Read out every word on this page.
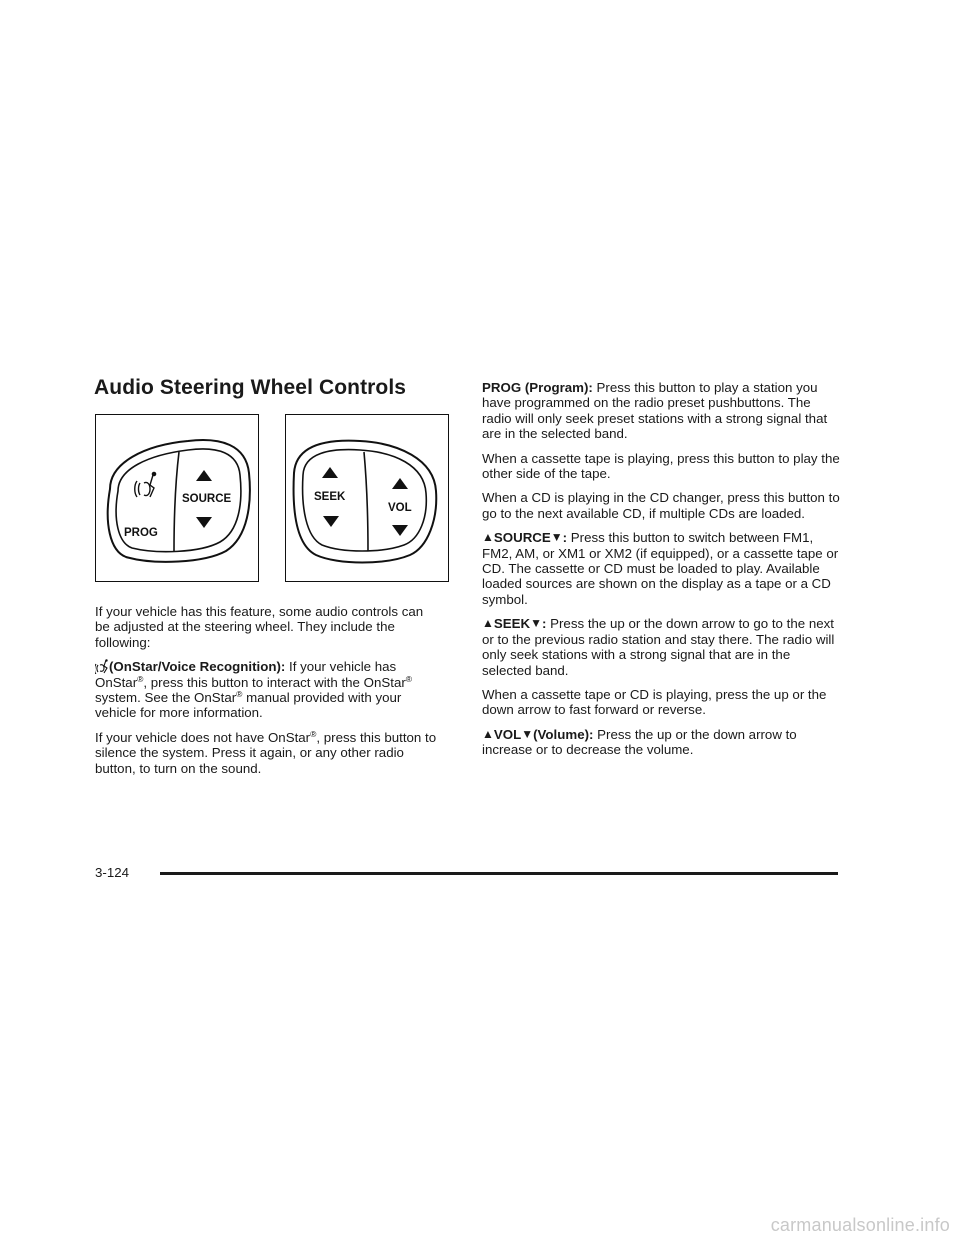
Audio Steering Wheel Controls
PROG
SOURCE	SEEK
VOL

If your vehicle has this feature, some audio controls can be adjusted at the steering wheel. They include the following:

(OnStar/Voice Recognition): If your vehicle has OnStar®, press this button to interact with the OnStar® system. See the OnStar® manual provided with your vehicle for more information.

If your vehicle does not have OnStar®, press this button to silence the system. Press it again, or any other radio button, to turn on the sound.

PROG (Program): Press this button to play a station you have programmed on the radio preset pushbuttons. The radio will only seek preset stations with a strong signal that are in the selected band.

When a cassette tape is playing, press this button to play the other side of the tape.

When a CD is playing in the CD changer, press this button to go to the next available CD, if multiple CDs are loaded.

▲SOURCE▼: Press this button to switch between FM1, FM2, AM, or XM1 or XM2 (if equipped), or a cassette tape or CD. The cassette or CD must be loaded to play. Available loaded sources are shown on the display as a tape or a CD symbol.

▲SEEK▼: Press the up or the down arrow to go to the next or to the previous radio station and stay there. The radio will only seek stations with a strong signal that are in the selected band.

When a cassette tape or CD is playing, press the up or the down arrow to fast forward or reverse.

▲VOL▼(Volume): Press the up or the down arrow to increase or to decrease the volume.

3-124
carmanualsonline.info
